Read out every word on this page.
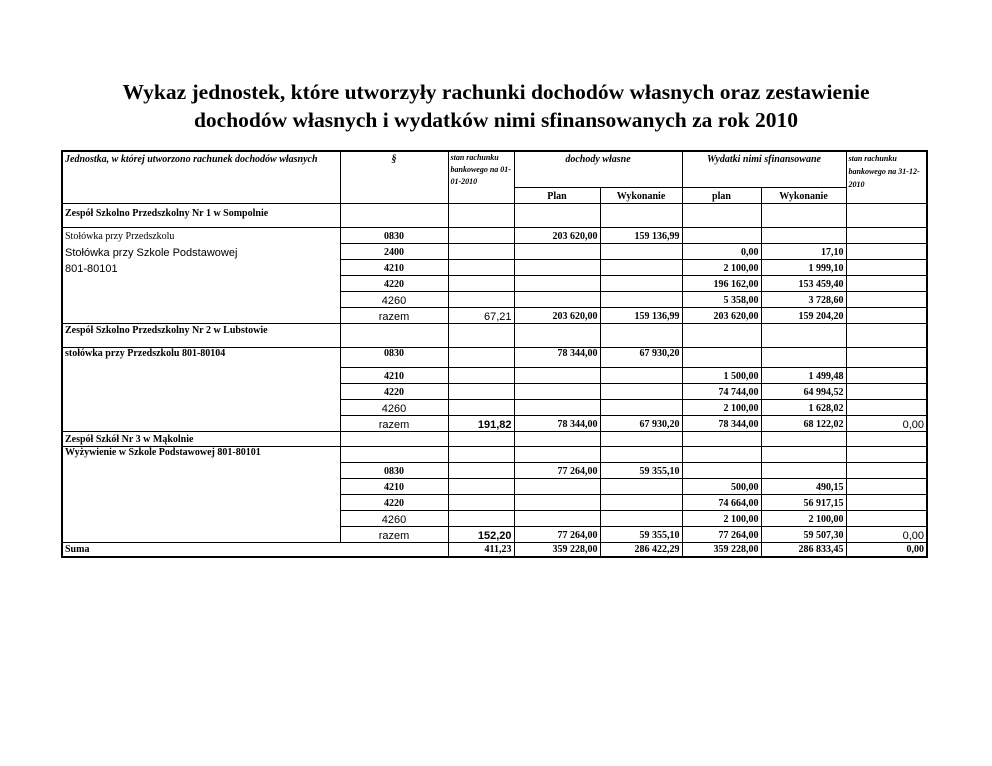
Wykaz jednostek, które utworzyły rachunki dochodów własnych oraz zestawienie
dochodów własnych i wydatków nimi sfinansowanych za rok 2010
Jednostka, w której utworzono rachunek dochodów własnych	§	stan rachunku bankowego na 01-01-2010	dochody własne		Wydatki nimi sfinansowane		stan rachunku bankowego na 31-12-2010
			Plan	Wykonanie	plan	Wykonanie	
Zespół Szkolno Przedszkolny Nr 1 w Sompolnie							
Stołówka przy Przedszkolu	0830		203 620,00	159 136,99			
Stołówka przy Szkole Podstawowej	2400				0,00	17,10	
801-80101	4210				2 100,00	1 999,10	
	4220				196 162,00	153 459,40	
	4260				5 358,00	3 728,60	
	razem	67,21	203 620,00	159 136,99	203 620,00	159 204,20	
Zespół Szkolno Przedszkolny Nr 2 w Lubstowie							
stołówka przy Przedszkolu 801-80104	0830		78 344,00	67 930,20			
	4210				1 500,00	1 499,48	
	4220				74 744,00	64 994,52	
	4260				2 100,00	1 628,02	
	razem	191,82	78 344,00	67 930,20	78 344,00	68 122,02	0,00
Zespół Szkół Nr 3 w Mąkolnie							
Wyżywienie w Szkole Podstawowej 801-80101							
	0830		77 264,00	59 355,10			
	4210				500,00	490,15	
	4220				74 664,00	56 917,15	
	4260				2 100,00	2 100,00	
	razem	152,20	77 264,00	59 355,10	77 264,00	59 507,30	0,00
Suma		411,23	359 228,00	286 422,29	359 228,00	286 833,45	0,00
